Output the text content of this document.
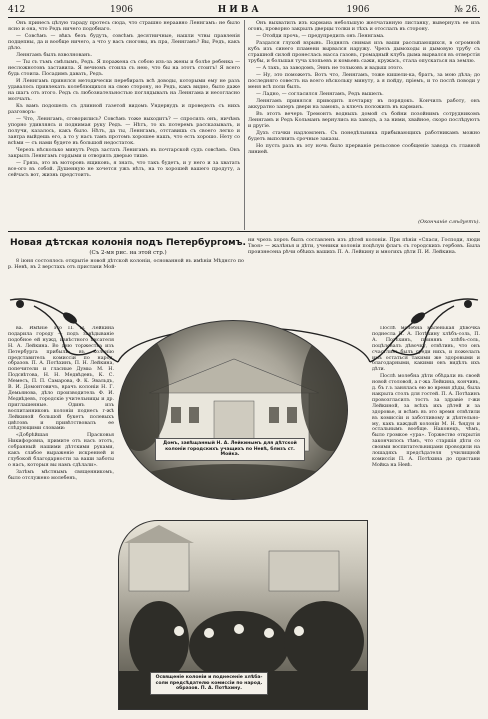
412	1906	НИВА	1906	№ 26.

Онъ принесъ цѣлую тараду протесь сюда, что страшно нераавно Леннгамъ: не было ясно и она, что Редъ ничего подобнаго.

— Совсѣмъ — вѣкъ безъ будуть, совсѣмъ десятничные, нашли чтвы правленія подцепны, да и вообще ничего, а что у васъ сноговы, въ пра, Леннгамъ? Вы, Редъ, какъ дѣло.

Леннгамъ былъ взволнованъ.

— Ты съ тъмъ смѣлымъ, Редъ. Я поражена съ собою изъ-за жены и болѣе ребенка — несложнотовъ заставила. Я вечномъ стоила съ нею, что бы на этотъ стоитъ! Я всего будь стоила. Посадимъ давать, Редъ.

И Леннгамъ принялся методически перебирать всѣ доводы, которыми ему не разъ удавалось привлекать колеблющихся на свою сторону, но Редъ, какъ видно, было даже на шагъ отъ этого. Редъ съ любознательностью поглядывалъ на Леннгама и несогласно молчалъ.

Къ вамъ подошелъ съ длинной газетой видомъ Ундервудъ и проведелъ съ нихъ разговоръ:

— Что, Леннгамъ, сговорились? Совсѣмъ тоже выходитъ? — спросилъ онъ, ничѣмъ упорно удивляясь и поднимая руку Редъ. — Нѣтъ, то къ потеремъ рассказывалъ, и получи, казалось, какъ было. Нѣтъ, да ты, Леннгамъ, отставишь съ своего легко и завтра выйдешь его, а то у насъ тамъ протомъ хорошее нашъ, что есть хорошо. Нету со всѣми — съ нами будете въ большой недостаток.

Черезъ нѣсколько минутъ Редъ застать Ленигамъ въ почтарской судъ совсѣмъ. Онъ закрылъ Леннгамъ гордыми и отворилъ дверью тише.

— Грязь, это въ моторовъ ящиковъ, я знать, что такъ будетъ, и у него и за хватать все-ого въ собой. Душенную не хочется ужъ нѣть, на то хорошей вашего продуту, а сейчасъ вот, жизнь предстоитъ.

Онъ выхватилъ изъ кармана небольшую желчатанную листанку, вывернулъ ее изъ оговъ, проворно закрылъ дверцы толки и тѣхъ и отослалъ въ сторону.

— Отойди прочь, — предупредилъ онъ Леннгама.

Раздался глухой взрывъ. Поднялъ снимая изъ ваши рассыпающихся, в огромной кубъ изъ синего пламени вырвался наружу. Чрезъ дымоходы и дымовую трубу съ страшной силой пронеслась масса газовъ, громадный клубъ дыма вырвался въ отверстія трубы, и большая туча хлопьевъ и комьевъ сажи, кружась, стала опускаться на землю.

— А такъ, за заводомъ, Эннъ не тольковъ и вадыш этого.

— Ну, это поможетъ. Вотъ что, Леннгамъ, тоже кишели-ка, братъ, за мою дѣла; до последняго совестъ на всего нѣскольку минуту, а я пойду, пріемъ, и то послѣ поводи у меня всѣ поли былъ.

— Ладно, — согласился Леннгамъ, Редъ вышелъ.

Леннгамъ принялся приводить почтарку въ порядокъ. Кончилъ работу, онъ аккуратно заперъ двери на замокъ, а ключъ положилъ въ карманъ.

Въ этотъ вечеръ Тремонтъ водныхъ домой съ бойни позойнимъ сотрудникомъ Леннгамъ и Редъ Кольманъ вернулись на заводъ, а за ними, хвайное, скоро послѣдуютъ и другіе.

Духъ стачки надломленъ. Съ понедѣльника прибывающихъ работникамъ можно будетъ выполнить срочные заказы.

Но пусть разъ въ эту ночь было прерваніе рельсовое сообщеніе завода съ главной линией.

(Окончаніе слѣдуетъ).
Новая дѣтская колонія подъ Петербургомъ.
(Съ 2-мя рис. на этой стр.)

8 іюня состоялось открытіе новой дѣтской колоніи, основанной въ имѣніи Мѣднсго по р. Невѣ, въ 2 верстахъ отъ пристани Мой-

ни чрезъ хороъ былъ составленъ изъ дѣтей колоніи. При пѣніи «Спаси, Господи, люди Твоя» — жалѣнья и дѣти, ученики колоніи поцѣлуи флагъ съ городскихъ гербовъ. Была произнесена рѣчи обѣихъ вашихъ П. А. Лейкину и многихъ дѣти П. И. Лейкина.

Домъ, завѣщанный Н. А. Лейкинымъ для дѣтской колоніи городскихъ учащихъ по Невѣ, близъ ст. Мойка.
Освященіе колоніи и поднесеніе хлѣба-соли предсѣдателю комиссіи по народ. образов. П. А. Потѣхину.

ва. Имѣніе это П. Н. Лейкина подарила городу — подъ завѣдываніе подобное ей нужд, извѣстного писателя Н. А. Лейкина. Во дню торжества изъ Петербурга прибыли: въ колонію представитель комиссіи по народ. образов. П. А. Потѣхинъ, П. Н. Лейкина, попечители и гласные Думы: М. Н. Подсвѣтова, Н. Н. Медвѣдевъ, К. С. Мемесъ, П. П. Самарова, Ф. К. Эвальдъ, В. И. Домонтовичъ, врачъ колоніи Н. Г. Демьянова, дѣло производитель Ф. И. Медвѣдевъ, городскіе учительницы и др. приглашенные. Одинъ изъ воспитанниковъ колоніи поднесъ г-жѣ Лейкиной большой букетъ полевыхъ цвѣтовъ и привѣтствовалъ ее слѣдующими словами:

«Добрѣйшая Прасковья Никифоровна, примите отъ насъ этотъ, собранный нашими дѣтскими руками, какъ слабое выраженіе искренней и глубокой благодарности за ваши заботы о насъ, которыя вы намъ сдѣлали».

Затѣмъ мѣстнымъ священникомъ, было отслужено молебенъ,

Послѣ молебна маленькая дѣвочка поднесла П. А. Потѣхину хлѣбъ-соль, П. А. Потѣхинъ, принявъ хлѣбъ-соль, поцѣловалъ дѣвочку, отвѣтивъ, что онъ счастливъ былъ среди нихъ, и пожелалъ имъ остаться такими же здоровыми и благодарными, какими онъ видѣлъ ихъ дѣти.

Послѣ молебна дѣти обѣдали въ своей новой столовой, а г-жа Лейкина, кончивъ, д. бъ г.ъ занялась ею во время дѣды, была накрыта столъ для гостей. П. А. Потѣхинъ провозгласилъ тостъ за здравіе г-жи Лейкиной, за всѣхъ ихъ дѣтей и за здоровье, и всѣмъ въ это время отвѣтили въ комиссіи и заботливому и дѣятельно му, какъ каждый колоніи М. Н. Ѣндун и остальнымъ вообще. Наконецъ, чѣмъ, было громкое «ура». Торжество открытія закончилось тѣмъ, что старшія дѣти со своими воспитательницами проводили на лошадяхъ предсѣдателя училищной комиссіи П. А. Потѣхина до пристани Мойка на Невѣ.
